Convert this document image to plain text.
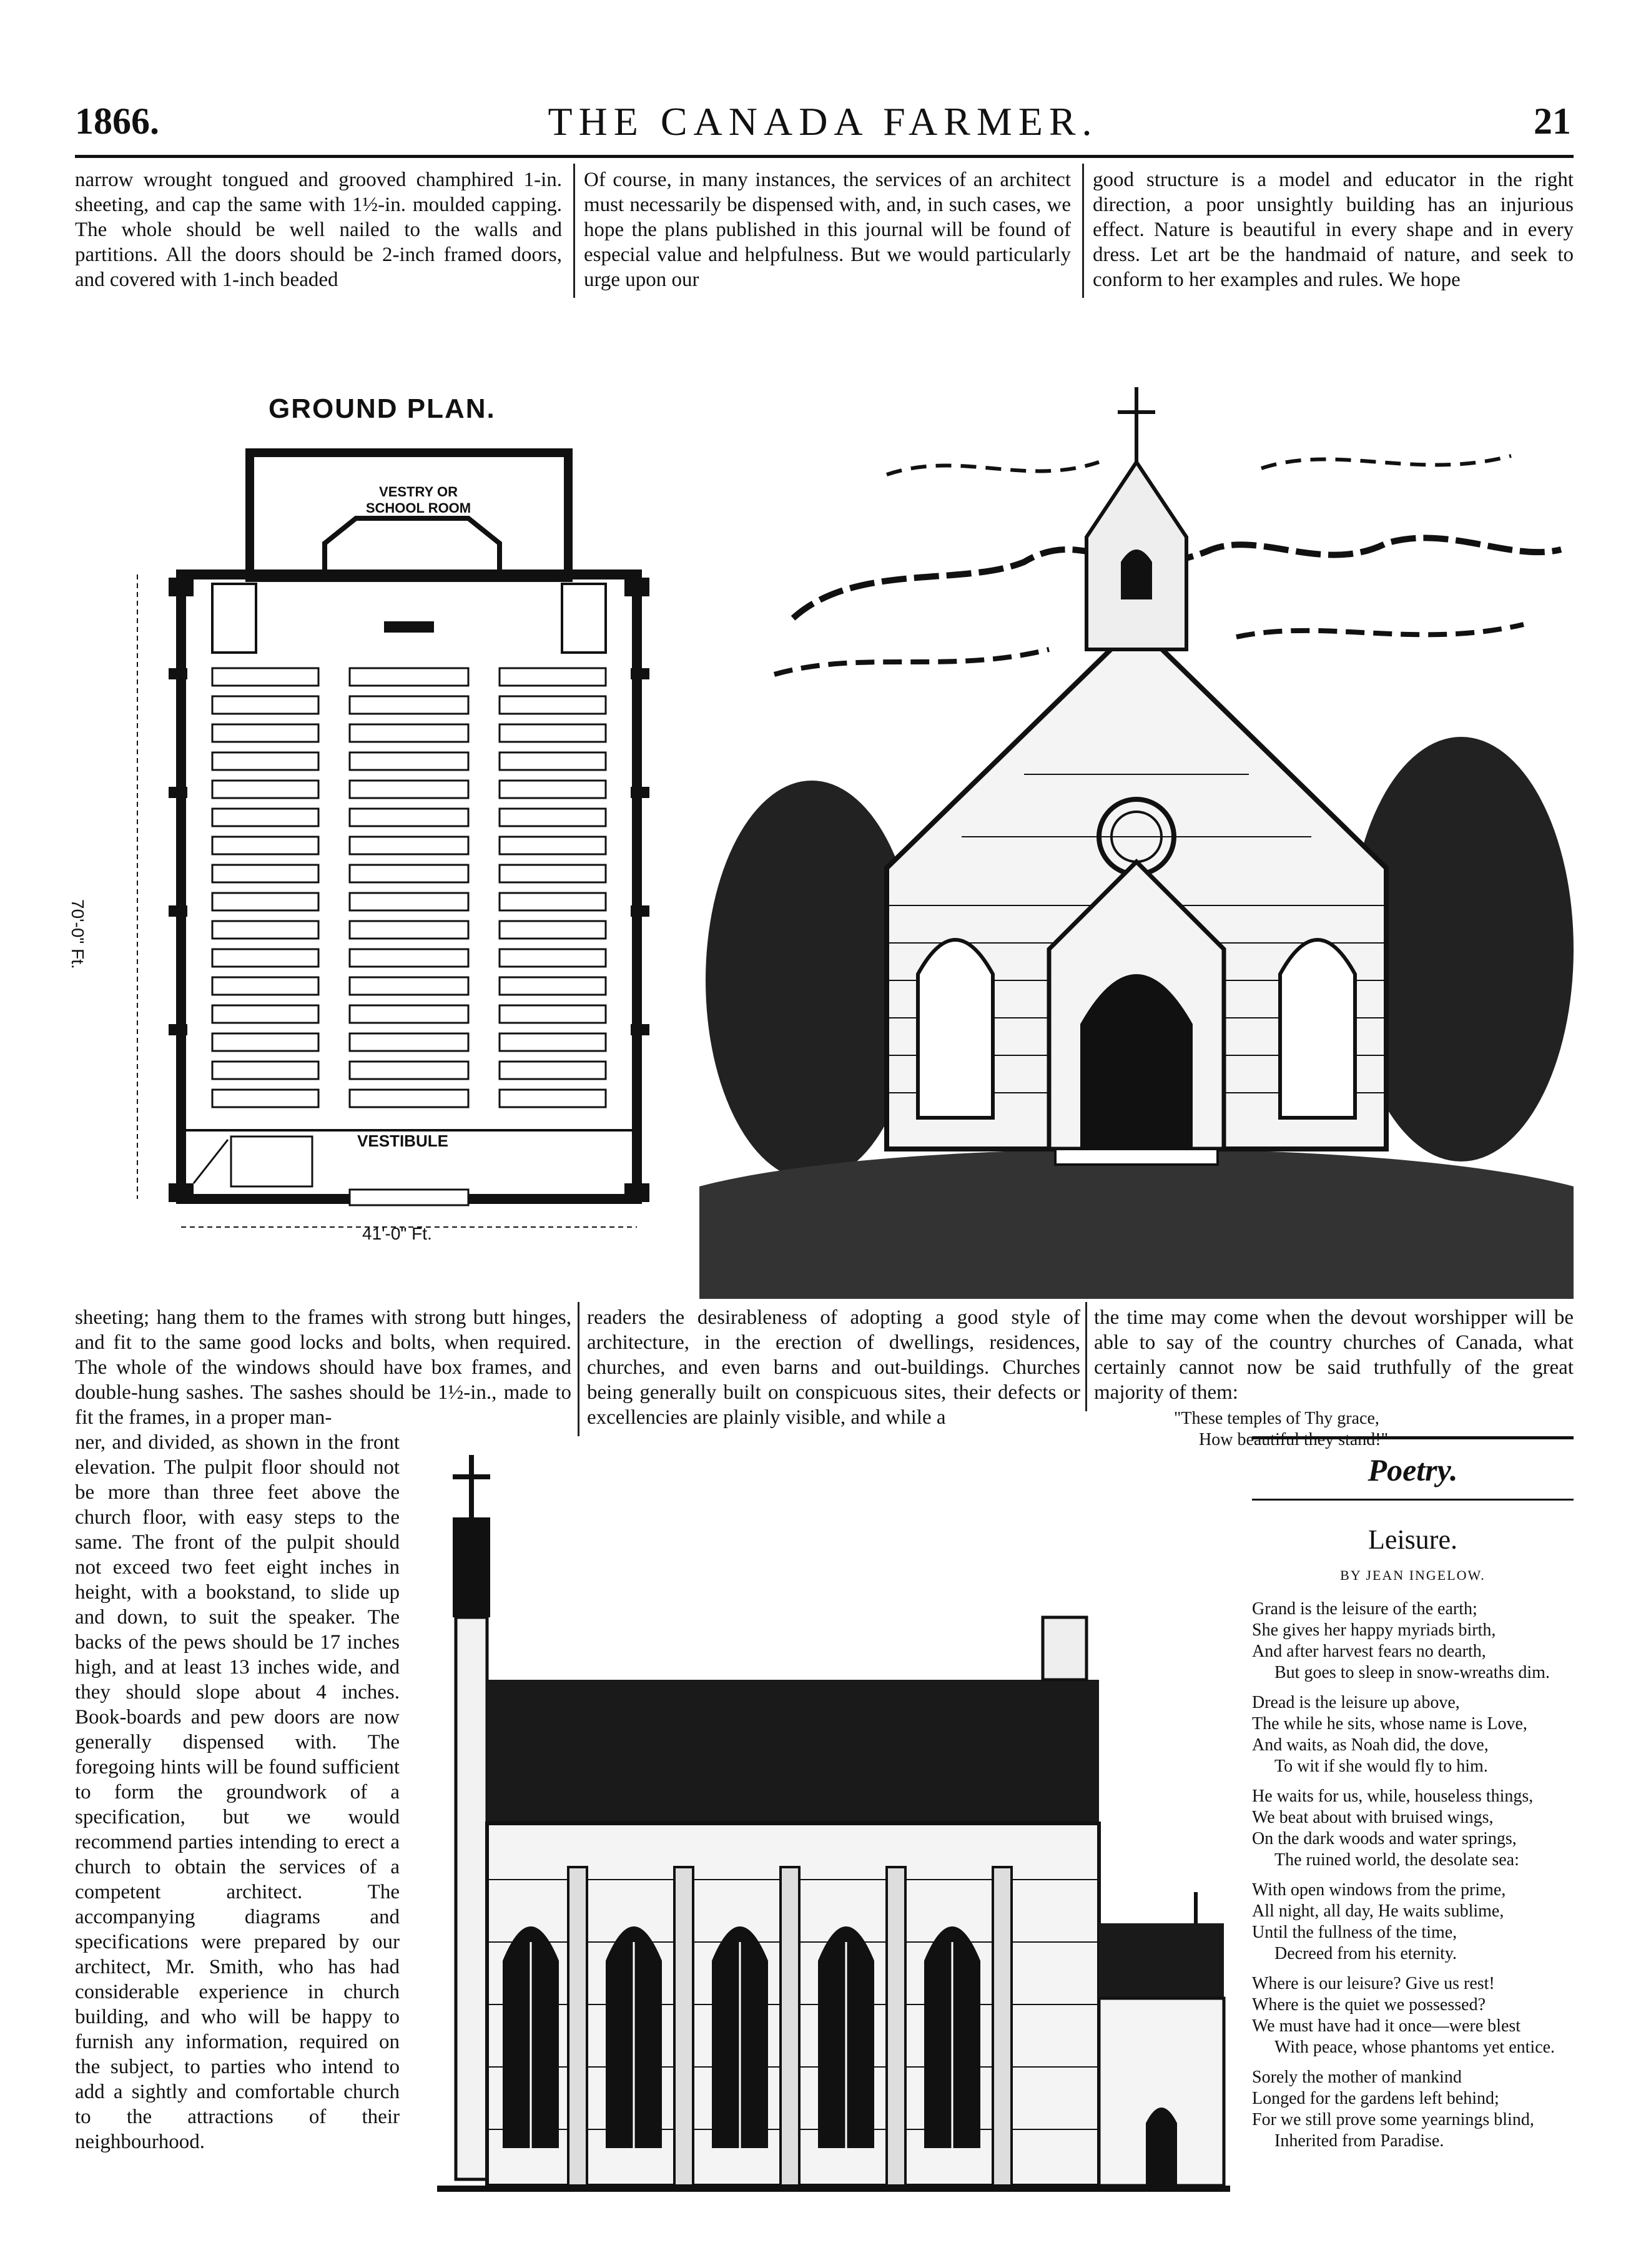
1866.	THE CANADA FARMER.	21

narrow wrought tongued and grooved champhired 1-in. sheeting, and cap the same with 1½-in. moulded capping. The whole should be well nailed to the walls and partitions. All the doors should be 2-inch framed doors, and covered with 1-inch beaded

Of course, in many instances, the services of an architect must necessarily be dispensed with, and, in such cases, we hope the plans published in this journal will be found of especial value and helpfulness. But we would particularly urge upon our

good structure is a model and educator in the right direction, a poor unsightly building has an injurious effect. Nature is beautiful in every shape and in every dress. Let art be the handmaid of nature, and seek to conform to her examples and rules. We hope

GROUND PLAN.
VESTRY OR
SCHOOL ROOM
VESTIBULE
70'-0" Ft.
41'-0" Ft.

sheeting; hang them to the frames with strong butt hinges, and fit to the same good locks and bolts, when required. The whole of the windows should have box frames, and double-hung sashes. The sashes should be 1½-in., made to fit the frames, in a proper man-

readers the desirableness of adopting a good style of architecture, in the erection of dwellings, residences, churches, and even barns and out-buildings. Churches being generally built on conspicuous sites, their defects or excellencies are plainly visible, and while a

the time may come when the devout worshipper will be able to say of the country churches of Canada, what certainly cannot now be said truthfully of the great majority of them:

"These temples of Thy grace,
How beautiful they stand!"

ner, and divided, as shown in the front elevation. The pulpit floor should not be more than three feet above the church floor, with easy steps to the same. The front of the pulpit should not exceed two feet eight inches in height, with a bookstand, to slide up and down, to suit the speaker. The backs of the pews should be 17 inches high, and at least 13 inches wide, and they should slope about 4 inches. Book-boards and pew doors are now generally dispensed with. The foregoing hints will be found sufficient to form the groundwork of a specification, but we would recommend parties intending to erect a church to obtain the services of a competent architect. The accompanying diagrams and specifications were prepared by our architect, Mr. Smith, who has had considerable experience in church building, and who will be happy to furnish any information, required on the subject, to parties who intend to add a sightly and comfortable church to the attractions of their neighbourhood.

Poetry.
Leisure.
BY JEAN INGELOW.
Grand is the leisure of the earth;
She gives her happy myriads birth,
And after harvest fears no dearth,
But goes to sleep in snow-wreaths dim.
Dread is the leisure up above,
The while he sits, whose name is Love,
And waits, as Noah did, the dove,
To wit if she would fly to him.
He waits for us, while, houseless things,
We beat about with bruised wings,
On the dark woods and water springs,
The ruined world, the desolate sea:
With open windows from the prime,
All night, all day, He waits sublime,
Until the fullness of the time,
Decreed from his eternity.
Where is our leisure? Give us rest!
Where is the quiet we possessed?
We must have had it once—were blest
With peace, whose phantoms yet entice.
Sorely the mother of mankind
Longed for the gardens left behind;
For we still prove some yearnings blind,
Inherited from Paradise.
